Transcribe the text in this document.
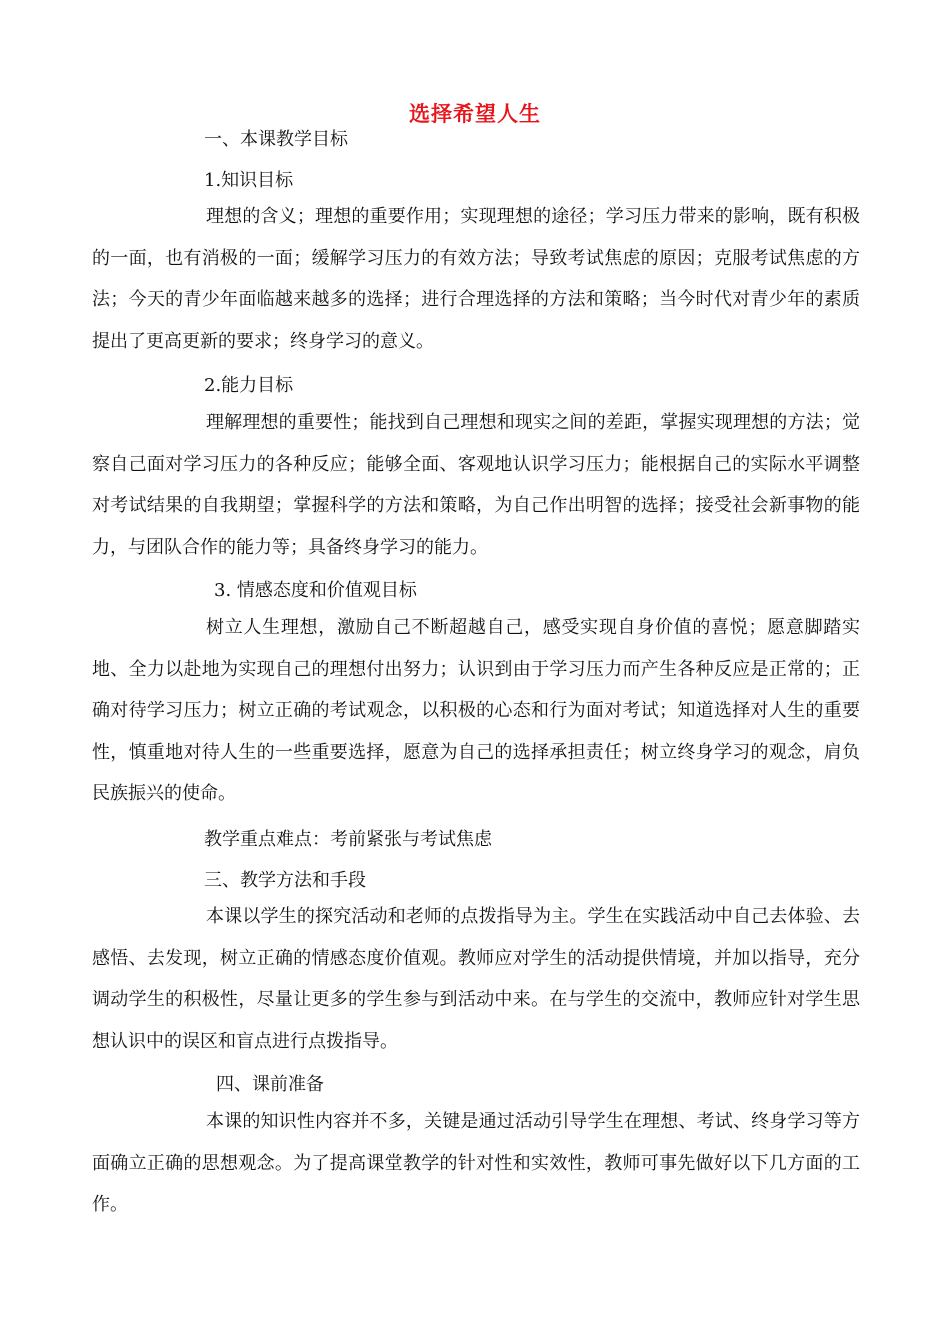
选择希望人生
一、本课教学目标
1.知识目标

理想的含义；理想的重要作用；实现理想的途径；学习压力带来的影响，既有积极的一面，也有消极的一面；缓解学习压力的有效方法；导致考试焦虑的原因；克服考试焦虑的方法；今天的青少年面临越来越多的选择；进行合理选择的方法和策略；当今时代对青少年的素质提出了更高更新的要求；终身学习的意义。

2.能力目标

理解理想的重要性；能找到自己理想和现实之间的差距，掌握实现理想的方法；觉察自己面对学习压力的各种反应；能够全面、客观地认识学习压力；能根据自己的实际水平调整对考试结果的自我期望；掌握科学的方法和策略，为自己作出明智的选择；接受社会新事物的能力，与团队合作的能力等；具备终身学习的能力。

3. 情感态度和价值观目标

树立人生理想，激励自己不断超越自己，感受实现自身价值的喜悦；愿意脚踏实地、全力以赴地为实现自己的理想付出努力；认识到由于学习压力而产生各种反应是正常的；正确对待学习压力；树立正确的考试观念，以积极的心态和行为面对考试；知道选择对人生的重要性，慎重地对待人生的一些重要选择，愿意为自己的选择承担责任；树立终身学习的观念，肩负民族振兴的使命。

教学重点难点：考前紧张与考试焦虑
三、教学方法和手段

本课以学生的探究活动和老师的点拨指导为主。学生在实践活动中自己去体验、去感悟、去发现，树立正确的情感态度价值观。教师应对学生的活动提供情境，并加以指导，充分调动学生的积极性，尽量让更多的学生参与到活动中来。在与学生的交流中，教师应针对学生思想认识中的误区和盲点进行点拨指导。

四、课前准备

本课的知识性内容并不多，关键是通过活动引导学生在理想、考试、终身学习等方面确立正确的思想观念。为了提高课堂教学的针对性和实效性，教师可事先做好以下几方面的工作。
